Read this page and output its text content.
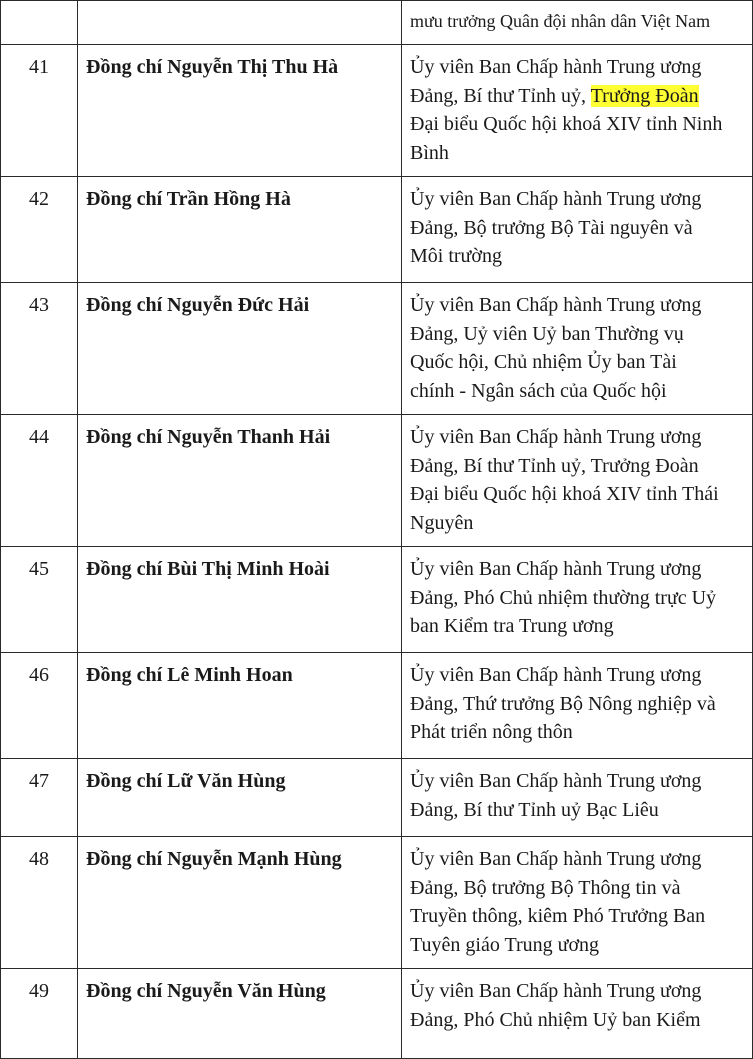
		mưu trưởng Quân đội nhân dân Việt Nam
41	Đồng chí Nguyễn Thị Thu Hà	Ủy viên Ban Chấp hành Trung ương
Đảng, Bí thư Tỉnh uỷ, Trưởng Đoàn
Đại biểu Quốc hội khoá XIV tỉnh Ninh
Bình

42	Đồng chí Trần Hồng Hà	Ủy viên Ban Chấp hành Trung ương
Đảng, Bộ trưởng Bộ Tài nguyên và
Môi trường

43	Đồng chí Nguyễn Đức Hải	Ủy viên Ban Chấp hành Trung ương
Đảng, Uỷ viên Uỷ ban Thường vụ
Quốc hội, Chủ nhiệm Ủy ban Tài
chính - Ngân sách của Quốc hội

44	Đồng chí Nguyễn Thanh Hải	Ủy viên Ban Chấp hành Trung ương
Đảng, Bí thư Tỉnh uỷ, Trưởng Đoàn
Đại biểu Quốc hội khoá XIV tỉnh Thái
Nguyên

45	Đồng chí Bùi Thị Minh Hoài	Ủy viên Ban Chấp hành Trung ương
Đảng, Phó Chủ nhiệm thường trực Uỷ
ban Kiểm tra Trung ương

46	Đồng chí Lê Minh Hoan	Ủy viên Ban Chấp hành Trung ương
Đảng, Thứ trưởng Bộ Nông nghiệp và
Phát triển nông thôn

47	Đồng chí Lữ Văn Hùng	Ủy viên Ban Chấp hành Trung ương
Đảng, Bí thư Tỉnh uỷ Bạc Liêu

48	Đồng chí Nguyễn Mạnh Hùng	Ủy viên Ban Chấp hành Trung ương
Đảng, Bộ trưởng Bộ Thông tin và
Truyền thông, kiêm Phó Trưởng Ban
Tuyên giáo Trung ương

49	Đồng chí Nguyễn Văn Hùng	Ủy viên Ban Chấp hành Trung ương
Đảng, Phó Chủ nhiệm Uỷ ban Kiểm
